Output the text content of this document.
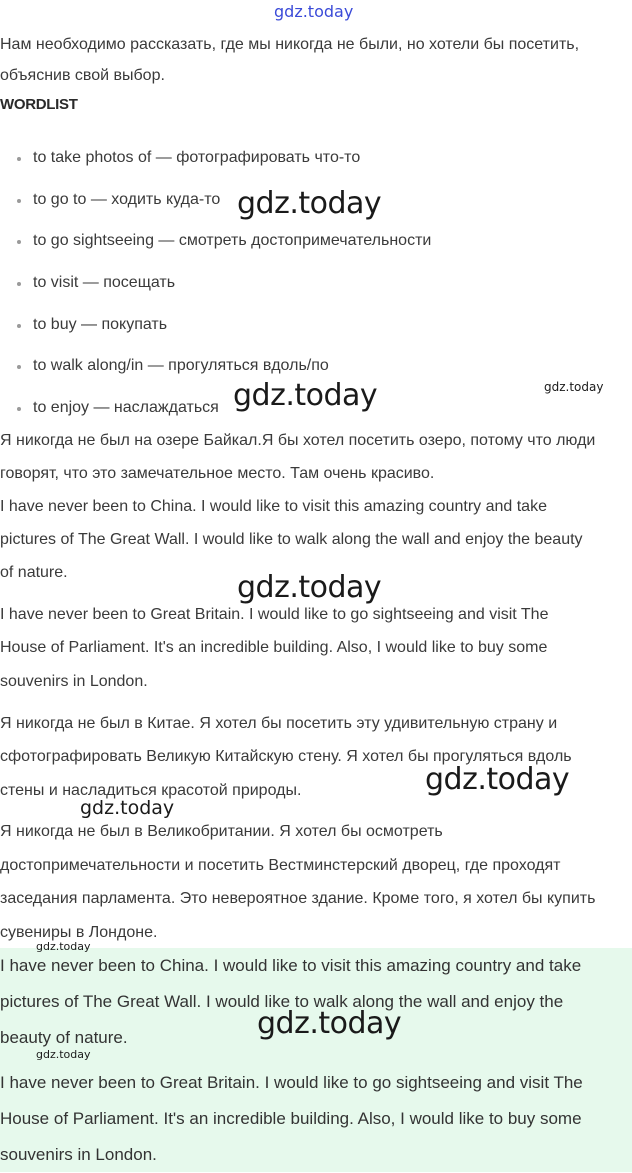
gdz.today
Нам необходимо рассказать, где мы никогда не были, но хотели бы посетить,
объяснив свой выбор.
WORDLIST
to take photos of — фотографировать что-то
to go to — ходить куда-то
to go sightseeing — смотреть достопримечательности
to visit — посещать
to buy — покупать
to walk along/in — прогуляться вдоль/по
to enjoy — наслаждаться
Я никогда не был на озере Байкал.Я бы хотел посетить озеро, потому что люди
говорят, что это замечательное место. Там очень красиво.
I have never been to China. I would like to visit this amazing country and take
pictures of The Great Wall. I would like to walk along the wall and enjoy the beauty
of nature.
I have never been to Great Britain. I would like to go sightseeing and visit The
House of Parliament. It's an incredible building. Also, I would like to buy some
souvenirs in London.
Я никогда не был в Китае. Я хотел бы посетить эту удивительную страну и
сфотографировать Великую Китайскую стену. Я хотел бы прогуляться вдоль
стены и насладиться красотой природы.
Я никогда не был в Великобритании. Я хотел бы осмотреть
достопримечательности и посетить Вестминстерский дворец, где проходят
заседания парламента. Это невероятное здание. Кроме того, я хотел бы купить
сувениры в Лондоне.
I have never been to China. I would like to visit this amazing country and take
pictures of The Great Wall. I would like to walk along the wall and enjoy the
beauty of nature.
I have never been to Great Britain. I would like to go sightseeing and visit The
House of Parliament. It's an incredible building. Also, I would like to buy some
souvenirs in London.
gdz.today
gdz.today	gdz.today
gdz.today
gdz.today
gdz.today
gdz.today
gdz.today
gdz.today
